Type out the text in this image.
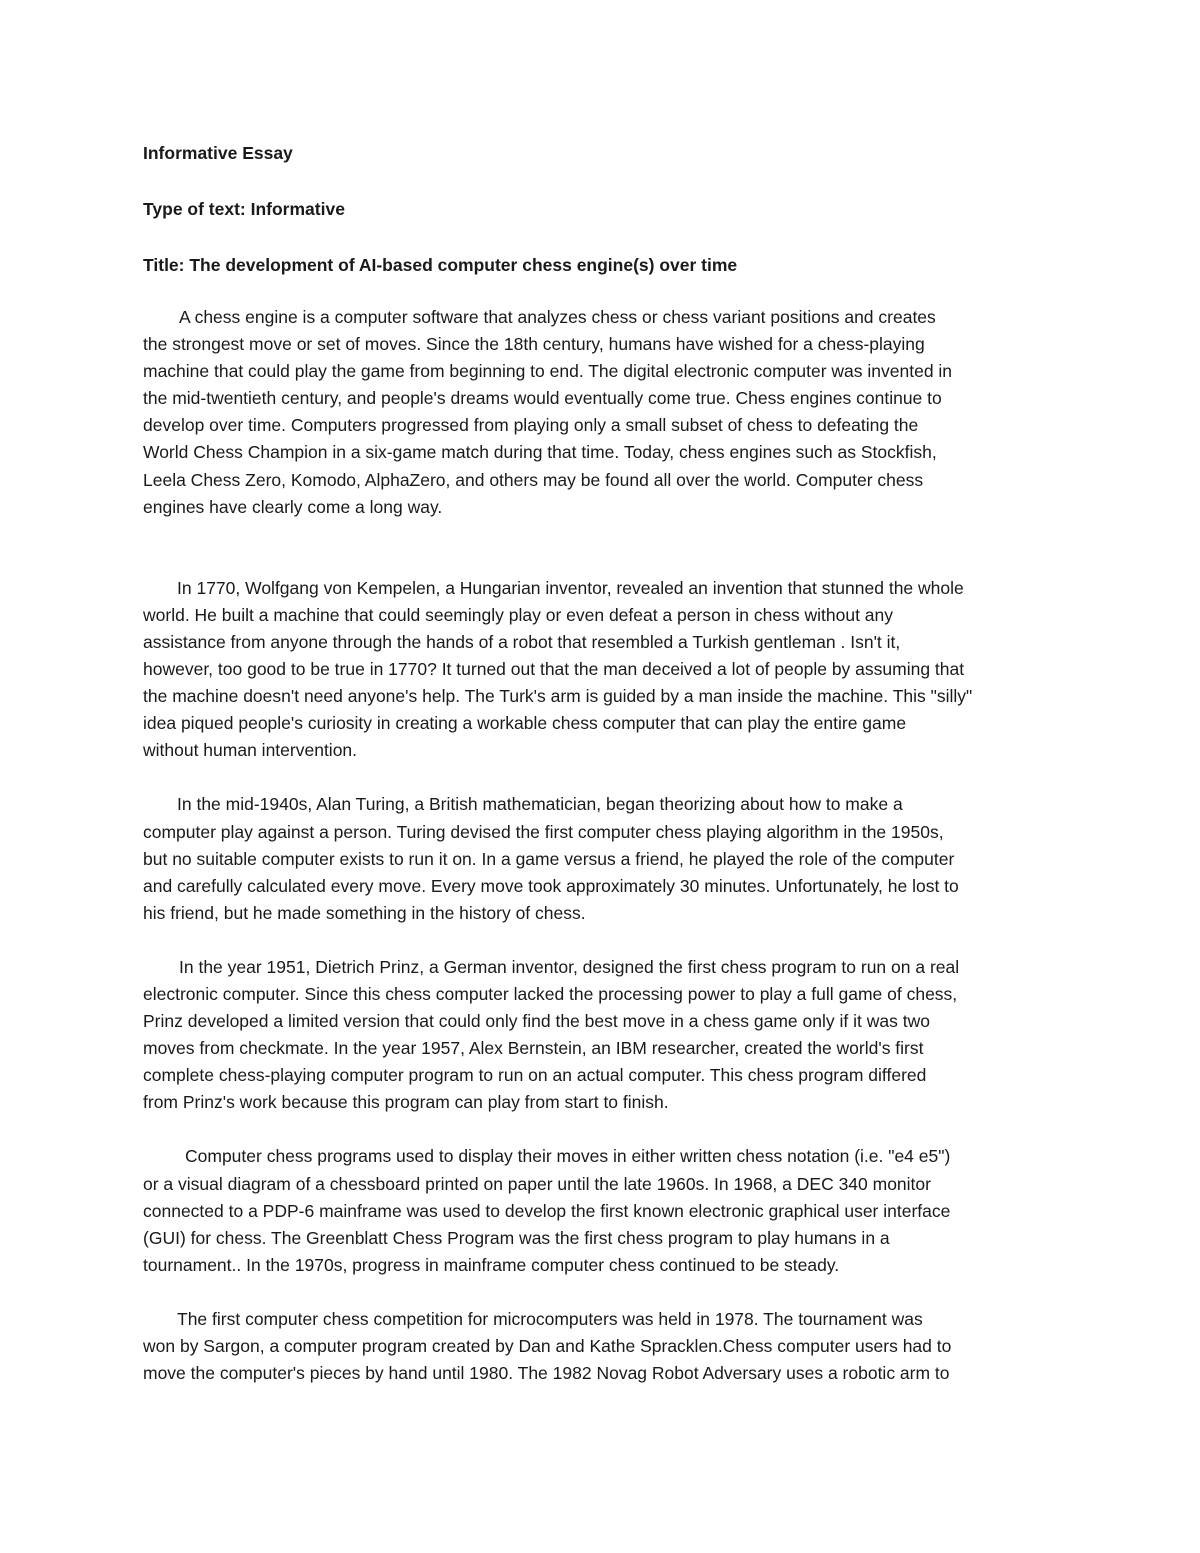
Informative Essay

Type of text: Informative

Title: The development of AI-based computer chess engine(s) over time

A chess engine is a computer software that analyzes chess or chess variant positions and creates
the strongest move or set of moves. Since the 18th century, humans have wished for a chess-playing
machine that could play the game from beginning to end. The digital electronic computer was invented in
the mid-twentieth century, and people's dreams would eventually come true. Chess engines continue to
develop over time. Computers progressed from playing only a small subset of chess to defeating the
World Chess Champion in a six-game match during that time. Today, chess engines such as Stockfish,
Leela Chess Zero, Komodo, AlphaZero, and others may be found all over the world. Computer chess
engines have clearly come a long way.
In 1770, Wolfgang von Kempelen, a Hungarian inventor, revealed an invention that stunned the whole
world. He built a machine that could seemingly play or even defeat a person in chess without any
assistance from anyone through the hands of a robot that resembled a Turkish gentleman . Isn't it,
however, too good to be true in 1770? It turned out that the man deceived a lot of people by assuming that
the machine doesn't need anyone's help. The Turk's arm is guided by a man inside the machine. This "silly"
idea piqued people's curiosity in creating a workable chess computer that can play the entire game
without human intervention.
In the mid-1940s, Alan Turing, a British mathematician, began theorizing about how to make a
computer play against a person. Turing devised the first computer chess playing algorithm in the 1950s,
but no suitable computer exists to run it on. In a game versus a friend, he played the role of the computer
and carefully calculated every move. Every move took approximately 30 minutes. Unfortunately, he lost to
his friend, but he made something in the history of chess.
In the year 1951, Dietrich Prinz, a German inventor, designed the first chess program to run on a real
electronic computer. Since this chess computer lacked the processing power to play a full game of chess,
Prinz developed a limited version that could only find the best move in a chess game only if it was two
moves from checkmate. In the year 1957, Alex Bernstein, an IBM researcher, created the world's first
complete chess-playing computer program to run on an actual computer. This chess program differed
from Prinz's work because this program can play from start to finish.
Computer chess programs used to display their moves in either written chess notation (i.e. "e4 e5")
or a visual diagram of a chessboard printed on paper until the late 1960s. In 1968, a DEC 340 monitor
connected to a PDP-6 mainframe was used to develop the first known electronic graphical user interface
(GUI) for chess. The Greenblatt Chess Program was the first chess program to play humans in a
tournament.. In the 1970s, progress in mainframe computer chess continued to be steady.
The first computer chess competition for microcomputers was held in 1978. The tournament was
won by Sargon, a computer program created by Dan and Kathe Spracklen.Chess computer users had to
move the computer's pieces by hand until 1980. The 1982 Novag Robot Adversary uses a robotic arm to
